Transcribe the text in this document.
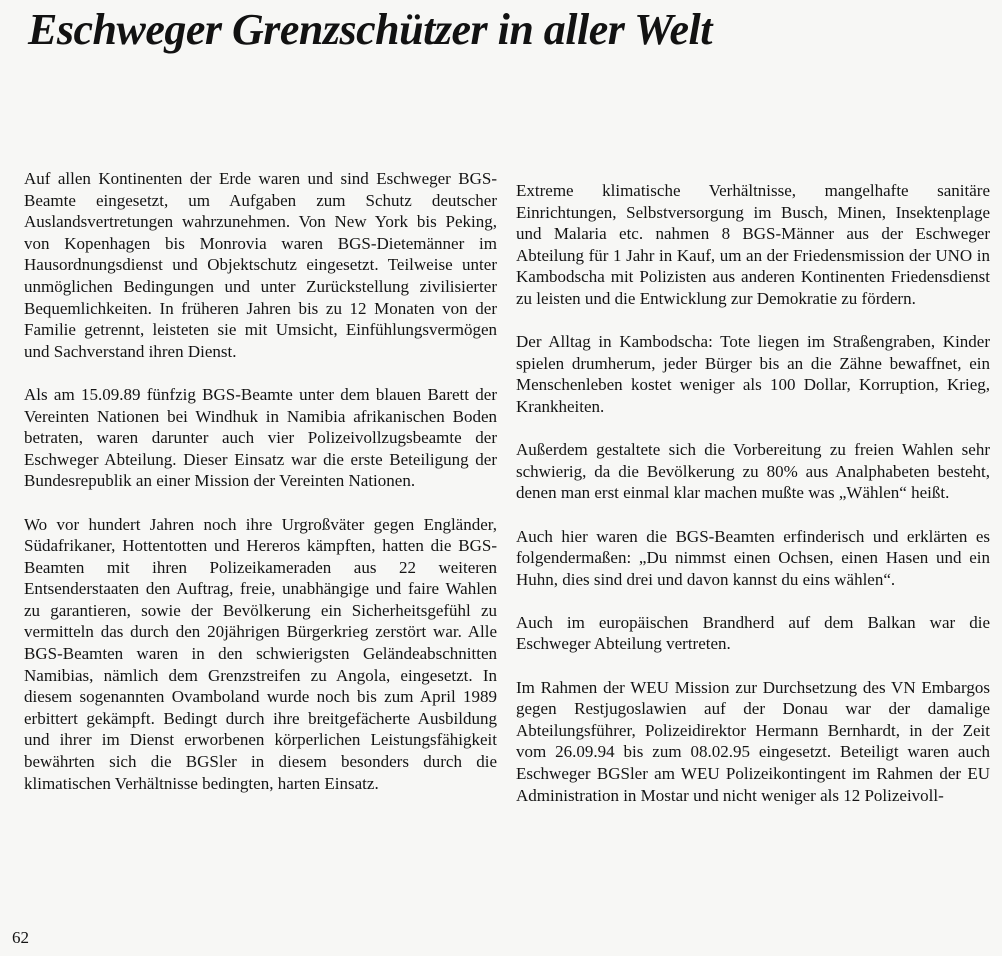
Eschweger Grenzschützer in aller Welt

Auf allen Kontinenten der Erde waren und sind Eschweger BGS-Beamte eingesetzt, um Aufgaben zum Schutz deutscher Auslandsvertretungen wahrzunehmen. Von New York bis Peking, von Kopenhagen bis Monrovia waren BGS-Dietemänner im Hausordnungsdienst und Objektschutz eingesetzt. Teilweise unter unmöglichen Bedingungen und unter Zurückstellung zivilisierter Bequemlichkeiten. In früheren Jahren bis zu 12 Monaten von der Familie getrennt, leisteten sie mit Umsicht, Einfühlungsvermögen und Sachverstand ihren Dienst.

Als am 15.09.89 fünfzig BGS-Beamte unter dem blauen Barett der Vereinten Nationen bei Windhuk in Namibia afrikanischen Boden betraten, waren darunter auch vier Polizeivollzugsbeamte der Eschweger Abteilung. Dieser Einsatz war die erste Beteiligung der Bundesrepublik an einer Mission der Vereinten Nationen.

Wo vor hundert Jahren noch ihre Urgroßväter gegen Engländer, Südafrikaner, Hottentotten und Hereros kämpften, hatten die BGS-Beamten mit ihren Polizeikameraden aus 22 weiteren Entsenderstaaten den Auftrag, freie, unabhängige und faire Wahlen zu garantieren, sowie der Bevölkerung ein Sicherheitsgefühl zu vermitteln das durch den 20jährigen Bürgerkrieg zerstört war. Alle BGS-Beamten waren in den schwierigsten Geländeabschnitten Namibias, nämlich dem Grenzstreifen zu Angola, eingesetzt. In diesem sogenannten Ovamboland wurde noch bis zum April 1989 erbittert gekämpft. Bedingt durch ihre breitgefächerte Ausbildung und ihrer im Dienst erworbenen körperlichen Leistungsfähigkeit bewährten sich die BGSler in diesem besonders durch die klimatischen Verhältnisse bedingten, harten Einsatz.

Extreme klimatische Verhältnisse, mangelhafte sanitäre Einrichtungen, Selbstversorgung im Busch, Minen, Insektenplage und Malaria etc. nahmen 8 BGS-Männer aus der Eschweger Abteilung für 1 Jahr in Kauf, um an der Friedensmission der UNO in Kambodscha mit Polizisten aus anderen Kontinenten Friedensdienst zu leisten und die Entwicklung zur Demokratie zu fördern.

Der Alltag in Kambodscha: Tote liegen im Straßengraben, Kinder spielen drumherum, jeder Bürger bis an die Zähne bewaffnet, ein Menschenleben kostet weniger als 100 Dollar, Korruption, Krieg, Krankheiten.

Außerdem gestaltete sich die Vorbereitung zu freien Wahlen sehr schwierig, da die Bevölkerung zu 80% aus Analphabeten besteht, denen man erst einmal klar machen mußte was „Wählen“ heißt.

Auch hier waren die BGS-Beamten erfinderisch und erklärten es folgendermaßen: „Du nimmst einen Ochsen, einen Hasen und ein Huhn, dies sind drei und davon kannst du eins wählen“.

Auch im europäischen Brandherd auf dem Balkan war die Eschweger Abteilung vertreten.

Im Rahmen der WEU Mission zur Durchsetzung des VN Embargos gegen Restjugoslawien auf der Donau war der damalige Abteilungsführer, Polizeidirektor Hermann Bernhardt, in der Zeit vom 26.09.94 bis zum 08.02.95 eingesetzt. Beteiligt waren auch Eschweger BGSler am WEU Polizeikontingent im Rahmen der EU Administration in Mostar und nicht weniger als 12 Polizeivoll-

62
